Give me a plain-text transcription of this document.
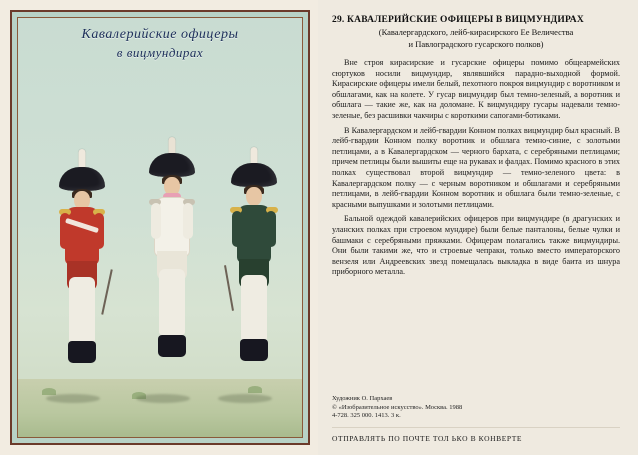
Кавалерийские офицеры
в вицмундирах
29. КАВАЛЕРИЙСКИЕ ОФИЦЕРЫ В ВИЦМУНДИРАХ
(Кавалергардского, лейб-кирасирского Ее Величества
и Павлоградского гусарского полков)

Вне строя кирасирские и гусарские офицеры помимо общеармейских сюртуков носили вицмундир, являвшийся парадно-выходной формой. Кирасирские офицеры имели белый, пехотного покроя вицмундир с воротником и обшлагами, как на колете. У гусар вицмундир был темно-зеленый, а воротник и обшлага — такие же, как на доломане. К вицмундиру гусары надевали темно-зеленые, без расшивки чакчиры с короткими сапогами-ботиками.

В Кавалергардском и лейб-гвардии Конном полках вицмундир был красный. В лейб-гвардии Конном полку воротник и обшлага темно-синие, с золотыми петлицами, а в Кавалергардском — черного бархата, с серебряными петлицами; причем петлицы были вышиты еще на рукавах и фалдах. Помимо красного в этих полках существовал второй вицмундир — темно-зеленого цвета: в Кавалергардском полку — с черным воротником и обшлагами и серебряными петлицами, в лейб-гвардии Конном воротник и обшлага были темно-зеленые, с красными выпушками и золотыми петлицами.

Бальной одеждой кавалерийских офицеров при вицмундире (в драгунских и уланских полках при строевом мундире) были белые панталоны, белые чулки и башмаки с серебряными пряжками. Офицерам полагались также вицмундиры. Они были такими же, что и строевые чепраки, только вместо императорского вензеля или Андреевских звезд помещалась выкладка в виде баита из шнура приборного металла.

Художник О. Пархаев
© «Изобразительное искусство». Москва. 1988
4-728. 325 000. 1413. 3 к.
ОТПРАВЛЯТЬ ПО ПОЧТЕ ТОЛ ЬКО В КОНВЕРТЕ
